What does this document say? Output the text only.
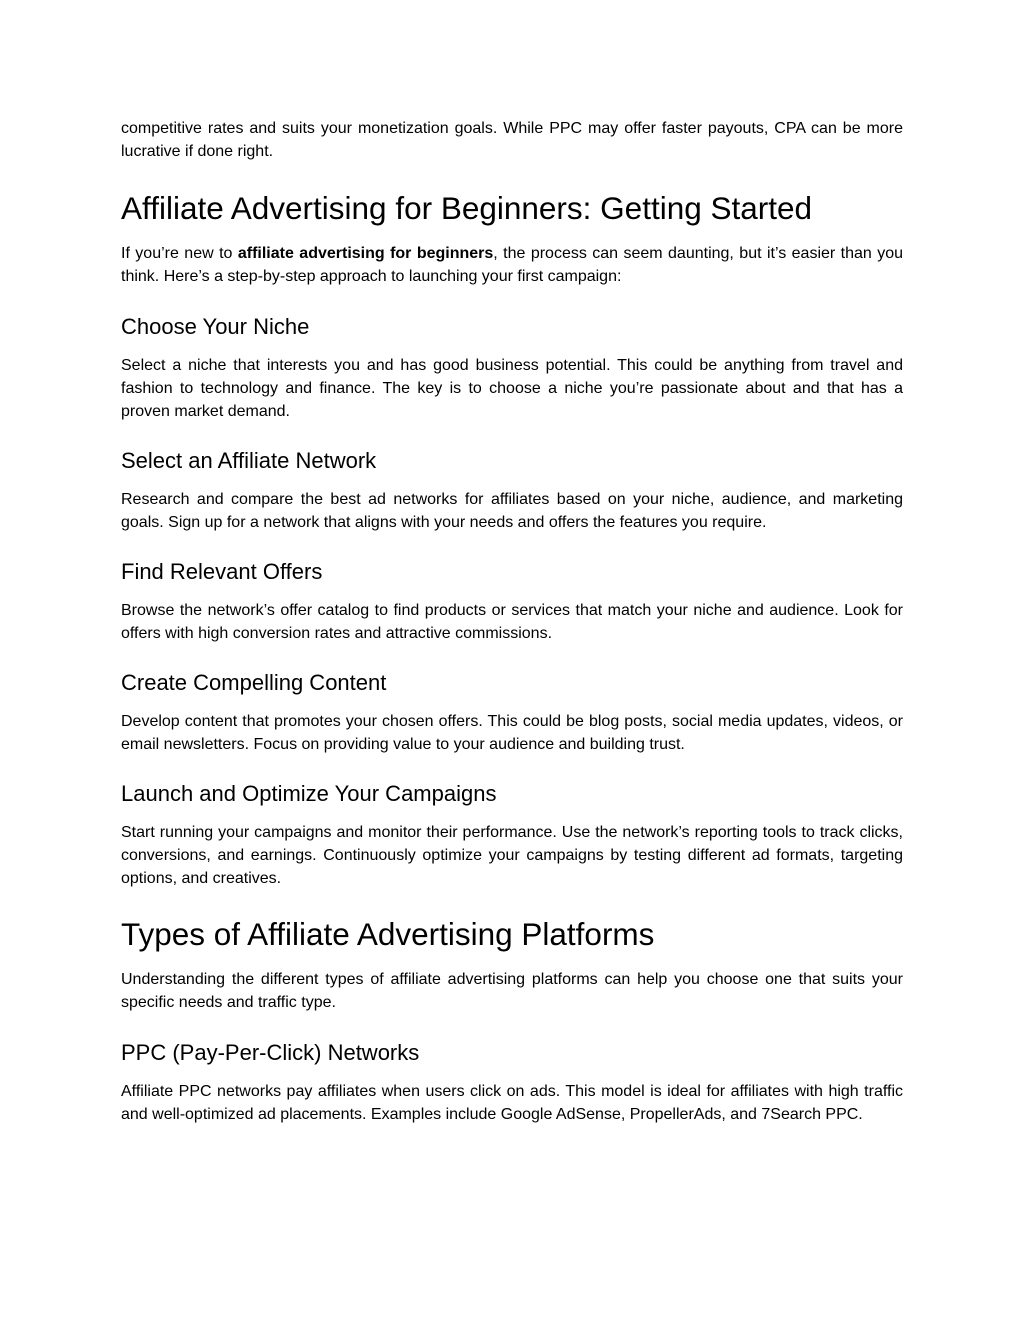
competitive rates and suits your monetization goals. While PPC may offer faster payouts, CPA can be more lucrative if done right.

Affiliate Advertising for Beginners: Getting Started

If you’re new to affiliate advertising for beginners, the process can seem daunting, but it’s easier than you think. Here’s a step-by-step approach to launching your first campaign:

Choose Your Niche

Select a niche that interests you and has good business potential. This could be anything from travel and fashion to technology and finance. The key is to choose a niche you’re passionate about and that has a proven market demand.

Select an Affiliate Network

Research and compare the best ad networks for affiliates based on your niche, audience, and marketing goals. Sign up for a network that aligns with your needs and offers the features you require.

Find Relevant Offers

Browse the network’s offer catalog to find products or services that match your niche and audience. Look for offers with high conversion rates and attractive commissions.

Create Compelling Content

Develop content that promotes your chosen offers. This could be blog posts, social media updates, videos, or email newsletters. Focus on providing value to your audience and building trust.

Launch and Optimize Your Campaigns

Start running your campaigns and monitor their performance. Use the network’s reporting tools to track clicks, conversions, and earnings. Continuously optimize your campaigns by testing different ad formats, targeting options, and creatives.

Types of Affiliate Advertising Platforms

Understanding the different types of affiliate advertising platforms can help you choose one that suits your specific needs and traffic type.

PPC (Pay-Per-Click) Networks

Affiliate PPC networks pay affiliates when users click on ads. This model is ideal for affiliates with high traffic and well-optimized ad placements. Examples include Google AdSense, PropellerAds, and 7Search PPC.
